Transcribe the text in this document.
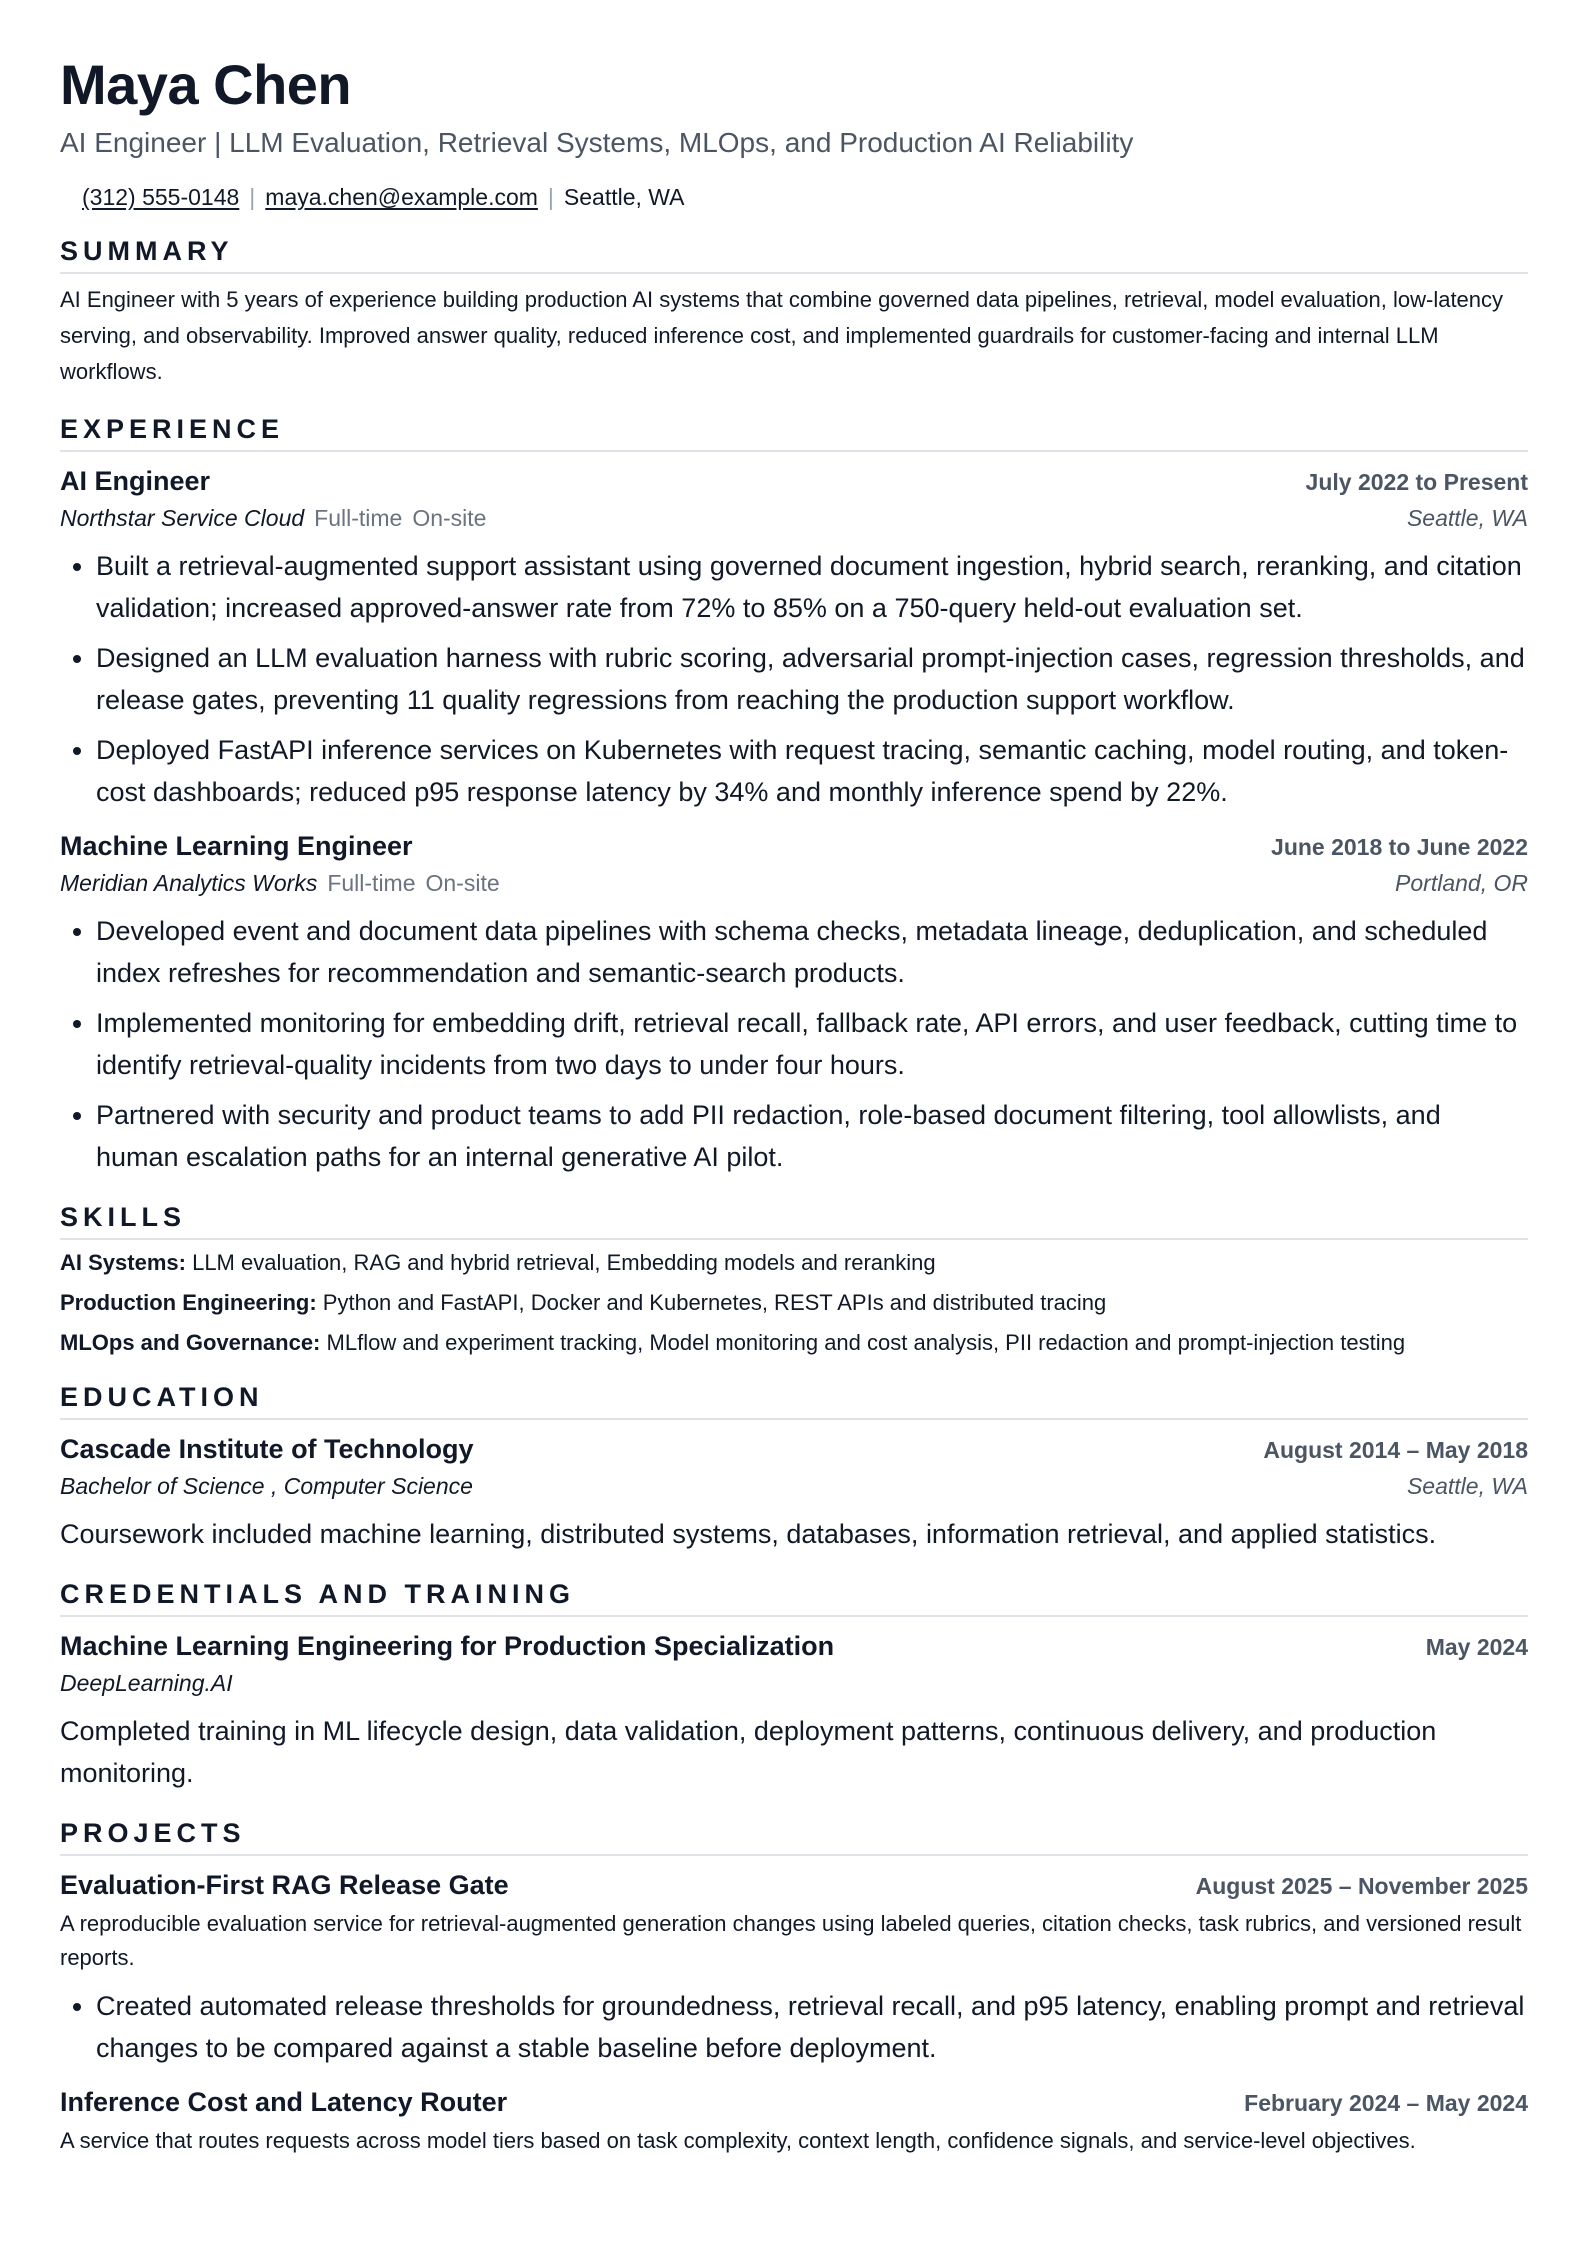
Maya Chen

AI Engineer | LLM Evaluation, Retrieval Systems, MLOps, and Production AI Reliability

(312) 555-0148 | maya.chen@example.com | Seattle, WA
SUMMARY

AI Engineer with 5 years of experience building production AI systems that combine governed data pipelines, retrieval, model evaluation, low-latency serving, and observability. Improved answer quality, reduced inference cost, and implemented guardrails for customer-facing and internal LLM workflows.

EXPERIENCE
AI Engineer	July 2022 to Present
Northstar Service Cloud Full-time On-site	Seattle, WA
• Built a retrieval-augmented support assistant using governed document ingestion, hybrid search, reranking, and citation validation; increased approved-answer rate from 72% to 85% on a 750-query held-out evaluation set.
• Designed an LLM evaluation harness with rubric scoring, adversarial prompt-injection cases, regression thresholds, and release gates, preventing 11 quality regressions from reaching the production support workflow.
• Deployed FastAPI inference services on Kubernetes with request tracing, semantic caching, model routing, and token-cost dashboards; reduced p95 response latency by 34% and monthly inference spend by 22%.
Machine Learning Engineer	June 2018 to June 2022
Meridian Analytics Works Full-time On-site	Portland, OR
• Developed event and document data pipelines with schema checks, metadata lineage, deduplication, and scheduled index refreshes for recommendation and semantic-search products.
• Implemented monitoring for embedding drift, retrieval recall, fallback rate, API errors, and user feedback, cutting time to identify retrieval-quality incidents from two days to under four hours.
• Partnered with security and product teams to add PII redaction, role-based document filtering, tool allowlists, and human escalation paths for an internal generative AI pilot.
SKILLS

AI Systems: LLM evaluation, RAG and hybrid retrieval, Embedding models and reranking

Production Engineering: Python and FastAPI, Docker and Kubernetes, REST APIs and distributed tracing

MLOps and Governance: MLflow and experiment tracking, Model monitoring and cost analysis, PII redaction and prompt-injection testing

EDUCATION
Cascade Institute of Technology	August 2014 – May 2018
Bachelor of Science , Computer Science	Seattle, WA

Coursework included machine learning, distributed systems, databases, information retrieval, and applied statistics.

CREDENTIALS AND TRAINING
Machine Learning Engineering for Production Specialization	May 2024
DeepLearning.AI

Completed training in ML lifecycle design, data validation, deployment patterns, continuous delivery, and production monitoring.

PROJECTS
Evaluation-First RAG Release Gate	August 2025 – November 2025

A reproducible evaluation service for retrieval-augmented generation changes using labeled queries, citation checks, task rubrics, and versioned result reports.

• Created automated release thresholds for groundedness, retrieval recall, and p95 latency, enabling prompt and retrieval changes to be compared against a stable baseline before deployment.
Inference Cost and Latency Router	February 2024 – May 2024

A service that routes requests across model tiers based on task complexity, context length, confidence signals, and service-level objectives.
